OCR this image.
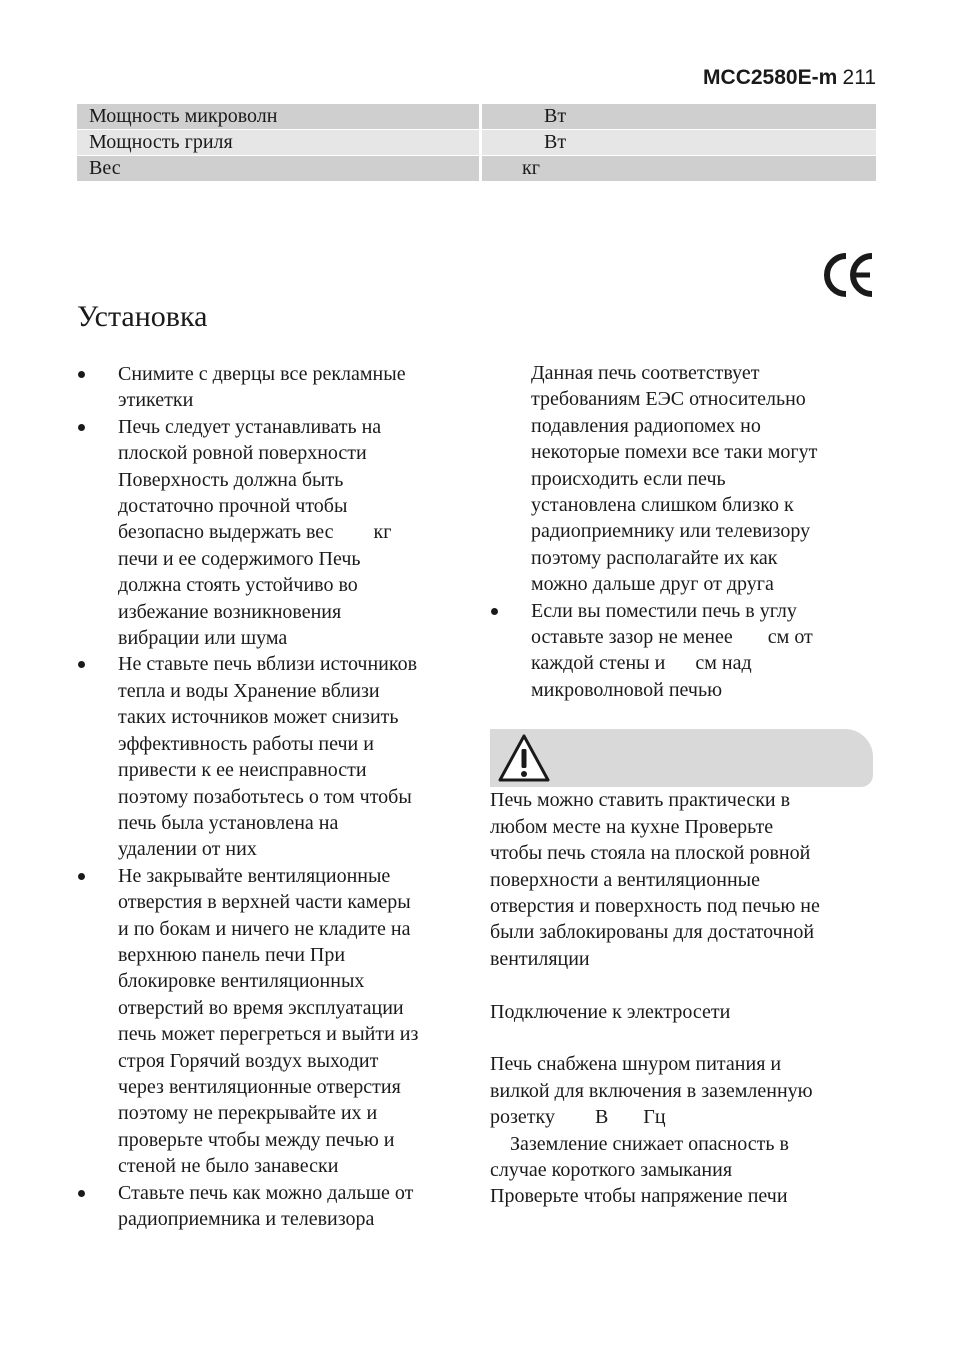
MCC2580E-m 211
Мощность микроволн	Вт
Мощность гриля	Вт
Вес	кг
Установка
Снимите с дверцы все рекламные
этикетки
Печь следует устанавливать на
плоской ровной поверхности
Поверхность должна быть
достаточно прочной чтобы
безопасно выдержать вес        кг
печи и ее содержимого Печь
должна стоять устойчиво во
избежание возникновения
вибрации или шума
Не ставьте печь вблизи источников
тепла и воды Хранение вблизи
таких источников может снизить
эффективность работы печи и
привести к ее неисправности
поэтому позаботьтесь о том чтобы
печь была установлена на
удалении от них
Не закрывайте вентиляционные
отверстия в верхней части камеры
и по бокам и ничего не кладите на
верхнюю панель печи При
блокировке вентиляционных
отверстий во время эксплуатации
печь может перегреться и выйти из
строя Горячий воздух выходит
через вентиляционные отверстия
поэтому не перекрывайте их и
проверьте чтобы между печью и
стеной не было занавески
Ставьте печь как можно дальше от
радиоприемника и телевизора
Данная печь соответствует
требованиям ЕЭС относительно
подавления радиопомех но
некоторые помехи все таки могут
происходить если печь
установлена слишком близко к
радиоприемнику или телевизору
поэтому располагайте их как
можно дальше друг от друга
Если вы поместили печь в углу
оставьте зазор не менее       см от
каждой стены и      см над
микроволновой печью
Печь можно ставить практически в
любом месте на кухне Проверьте
чтобы печь стояла на плоской ровной
поверхности а вентиляционные
отверстия и поверхность под печью не
были заблокированы для достаточной
вентиляции
Подключение к электросети
Печь снабжена шнуром питания и
вилкой для включения в заземленную
розетку        В       Гц
Заземление снижает опасность в
случае короткого замыкания
Проверьте чтобы напряжение печи
